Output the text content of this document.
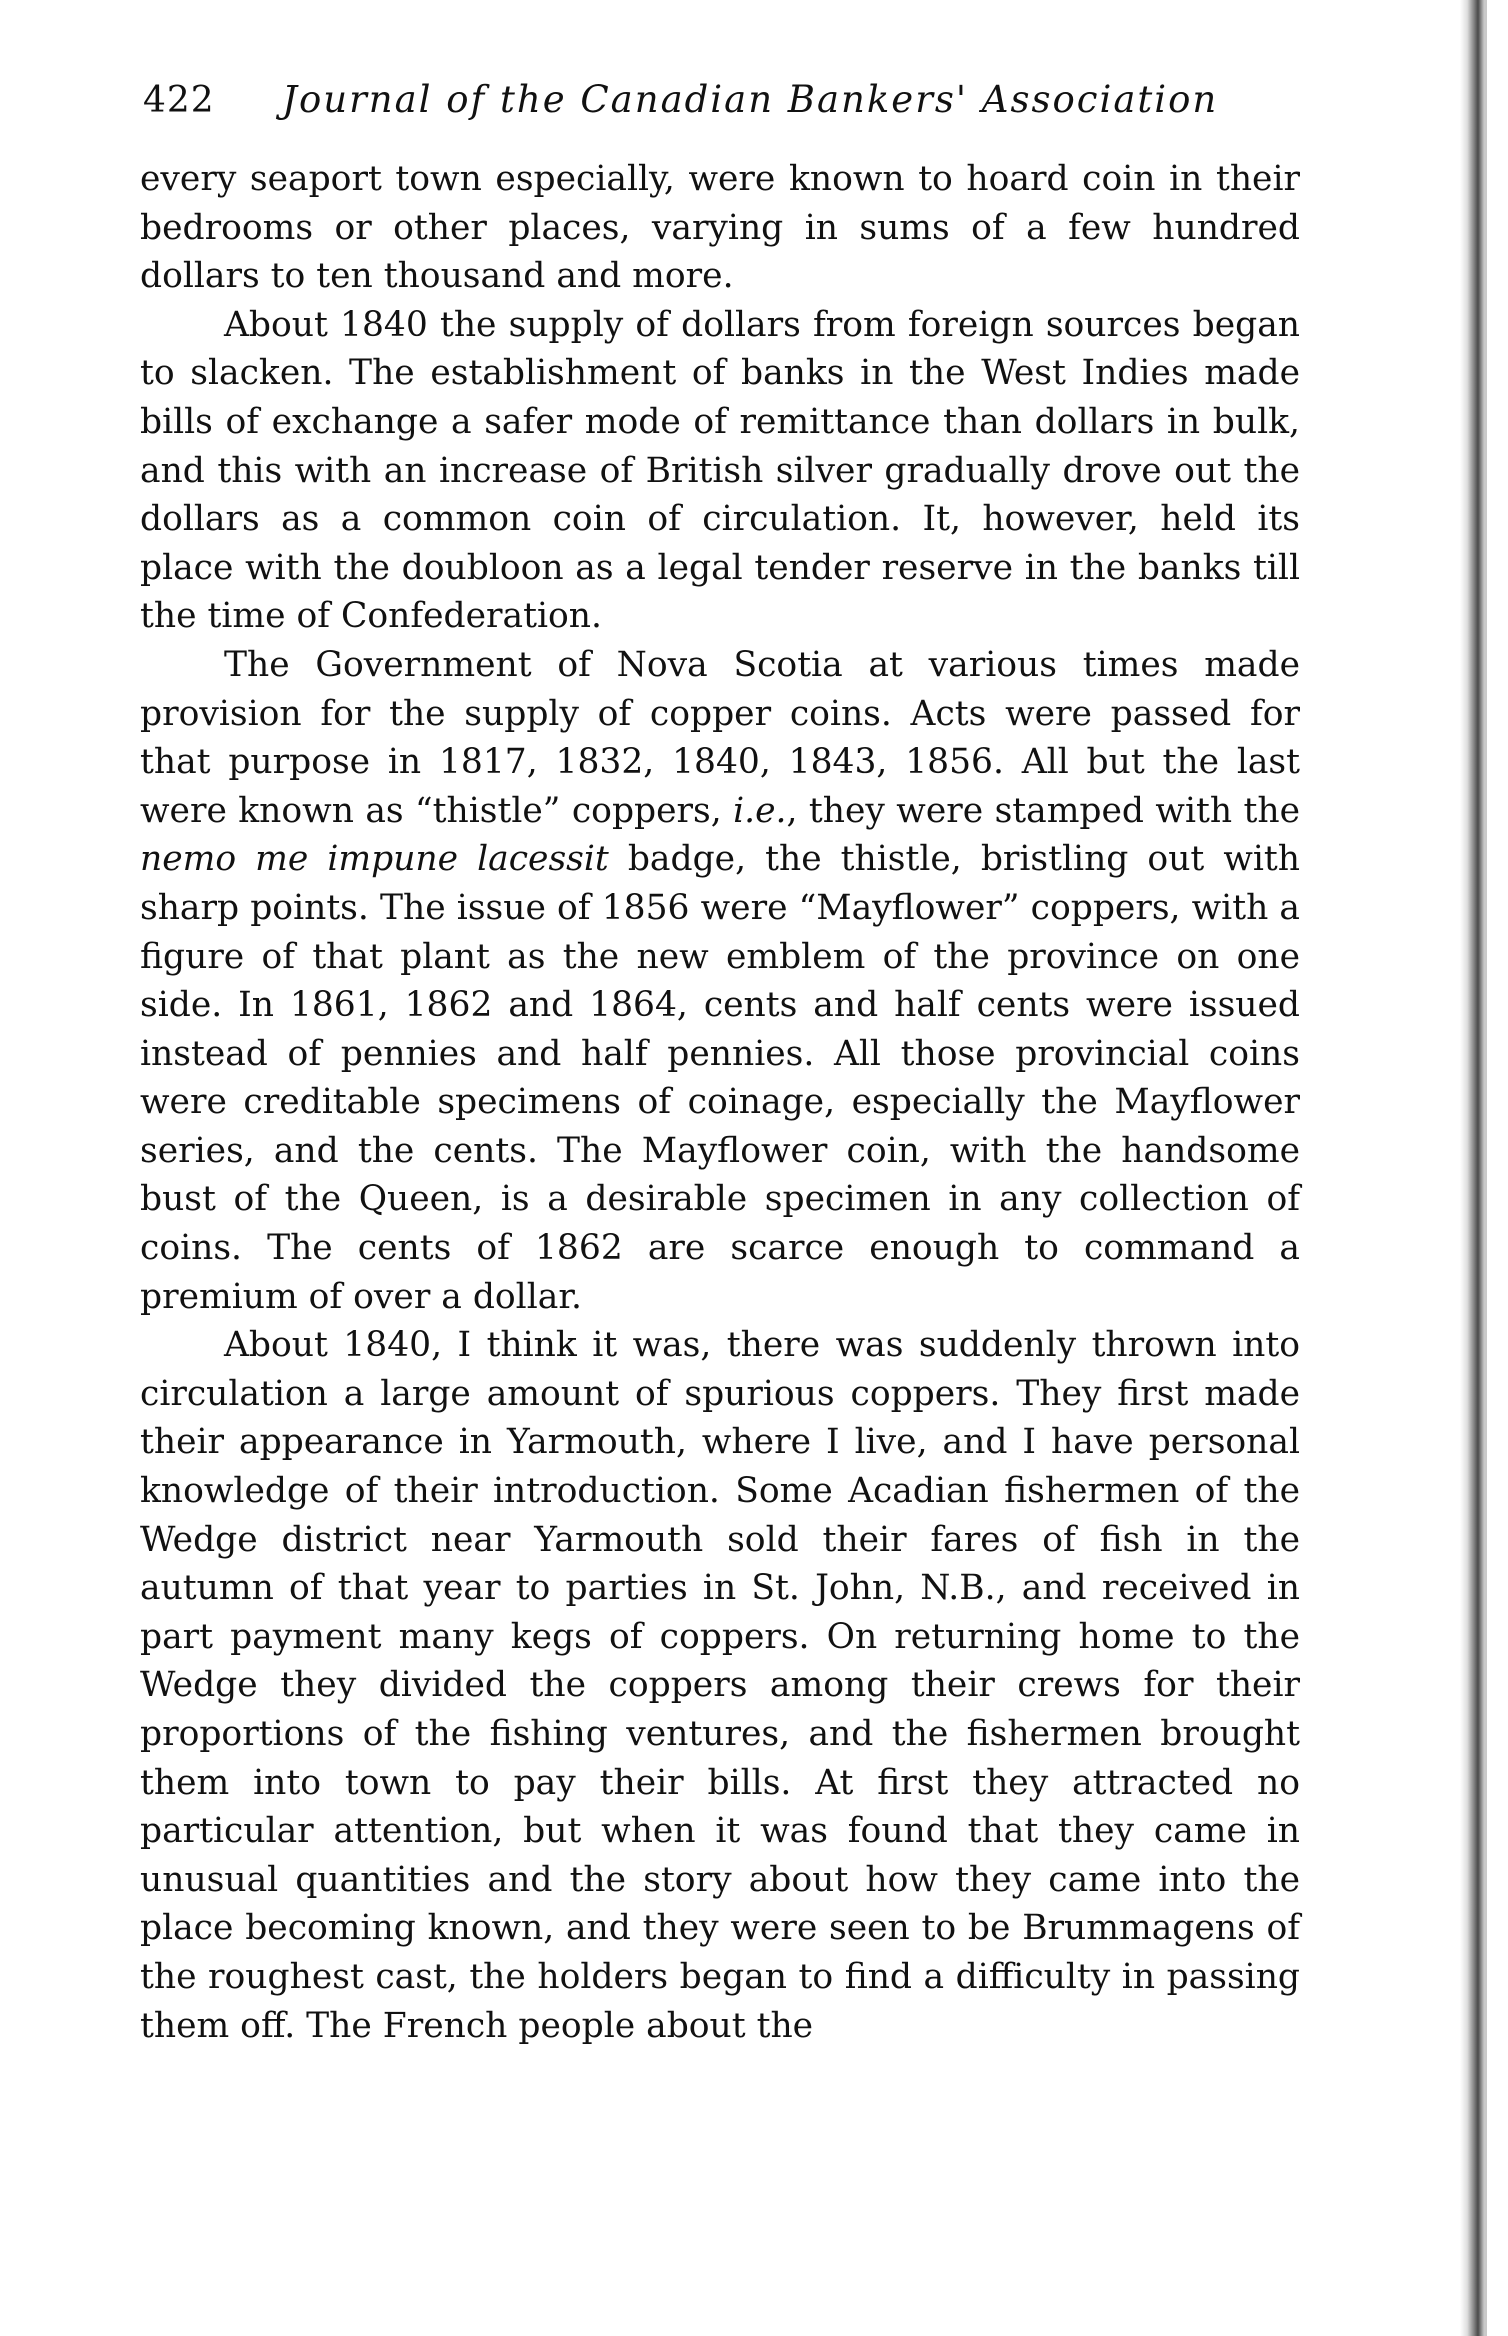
422 Journal of the Canadian Bankers' Association

every seaport town especially, were known to hoard coin in their bedrooms or other places, varying in sums of a few hundred dollars to ten thousand and more.

About 1840 the supply of dollars from foreign sources began to slacken. The establishment of banks in the West Indies made bills of exchange a safer mode of remittance than dollars in bulk, and this with an increase of British silver gradually drove out the dollars as a common coin of circulation. It, however, held its place with the doubloon as a legal tender reserve in the banks till the time of Confederation.

The Government of Nova Scotia at various times made provision for the supply of copper coins. Acts were passed for that purpose in 1817, 1832, 1840, 1843, 1856. All but the last were known as “thistle” coppers, i.e., they were stamped with the nemo me impune lacessit badge, the thistle, bristling out with sharp points. The issue of 1856 were “Mayflower” coppers, with a figure of that plant as the new emblem of the province on one side. In 1861, 1862 and 1864, cents and half cents were issued instead of pennies and half pennies. All those provincial coins were creditable specimens of coinage, especially the Mayflower series, and the cents. The Mayflower coin, with the handsome bust of the Queen, is a desirable specimen in any collection of coins. The cents of 1862 are scarce enough to command a premium of over a dollar.

About 1840, I think it was, there was suddenly thrown into circulation a large amount of spurious coppers. They first made their appearance in Yarmouth, where I live, and I have personal knowledge of their introduction. Some Acadian fishermen of the Wedge district near Yarmouth sold their fares of fish in the autumn of that year to parties in St. John, N.B., and received in part payment many kegs of coppers. On returning home to the Wedge they divided the coppers among their crews for their proportions of the fishing ventures, and the fishermen brought them into town to pay their bills. At first they attracted no particular attention, but when it was found that they came in unusual quantities and the story about how they came into the place becoming known, and they were seen to be Brummagens of the roughest cast, the holders began to find a difficulty in passing them off. The French people about the
